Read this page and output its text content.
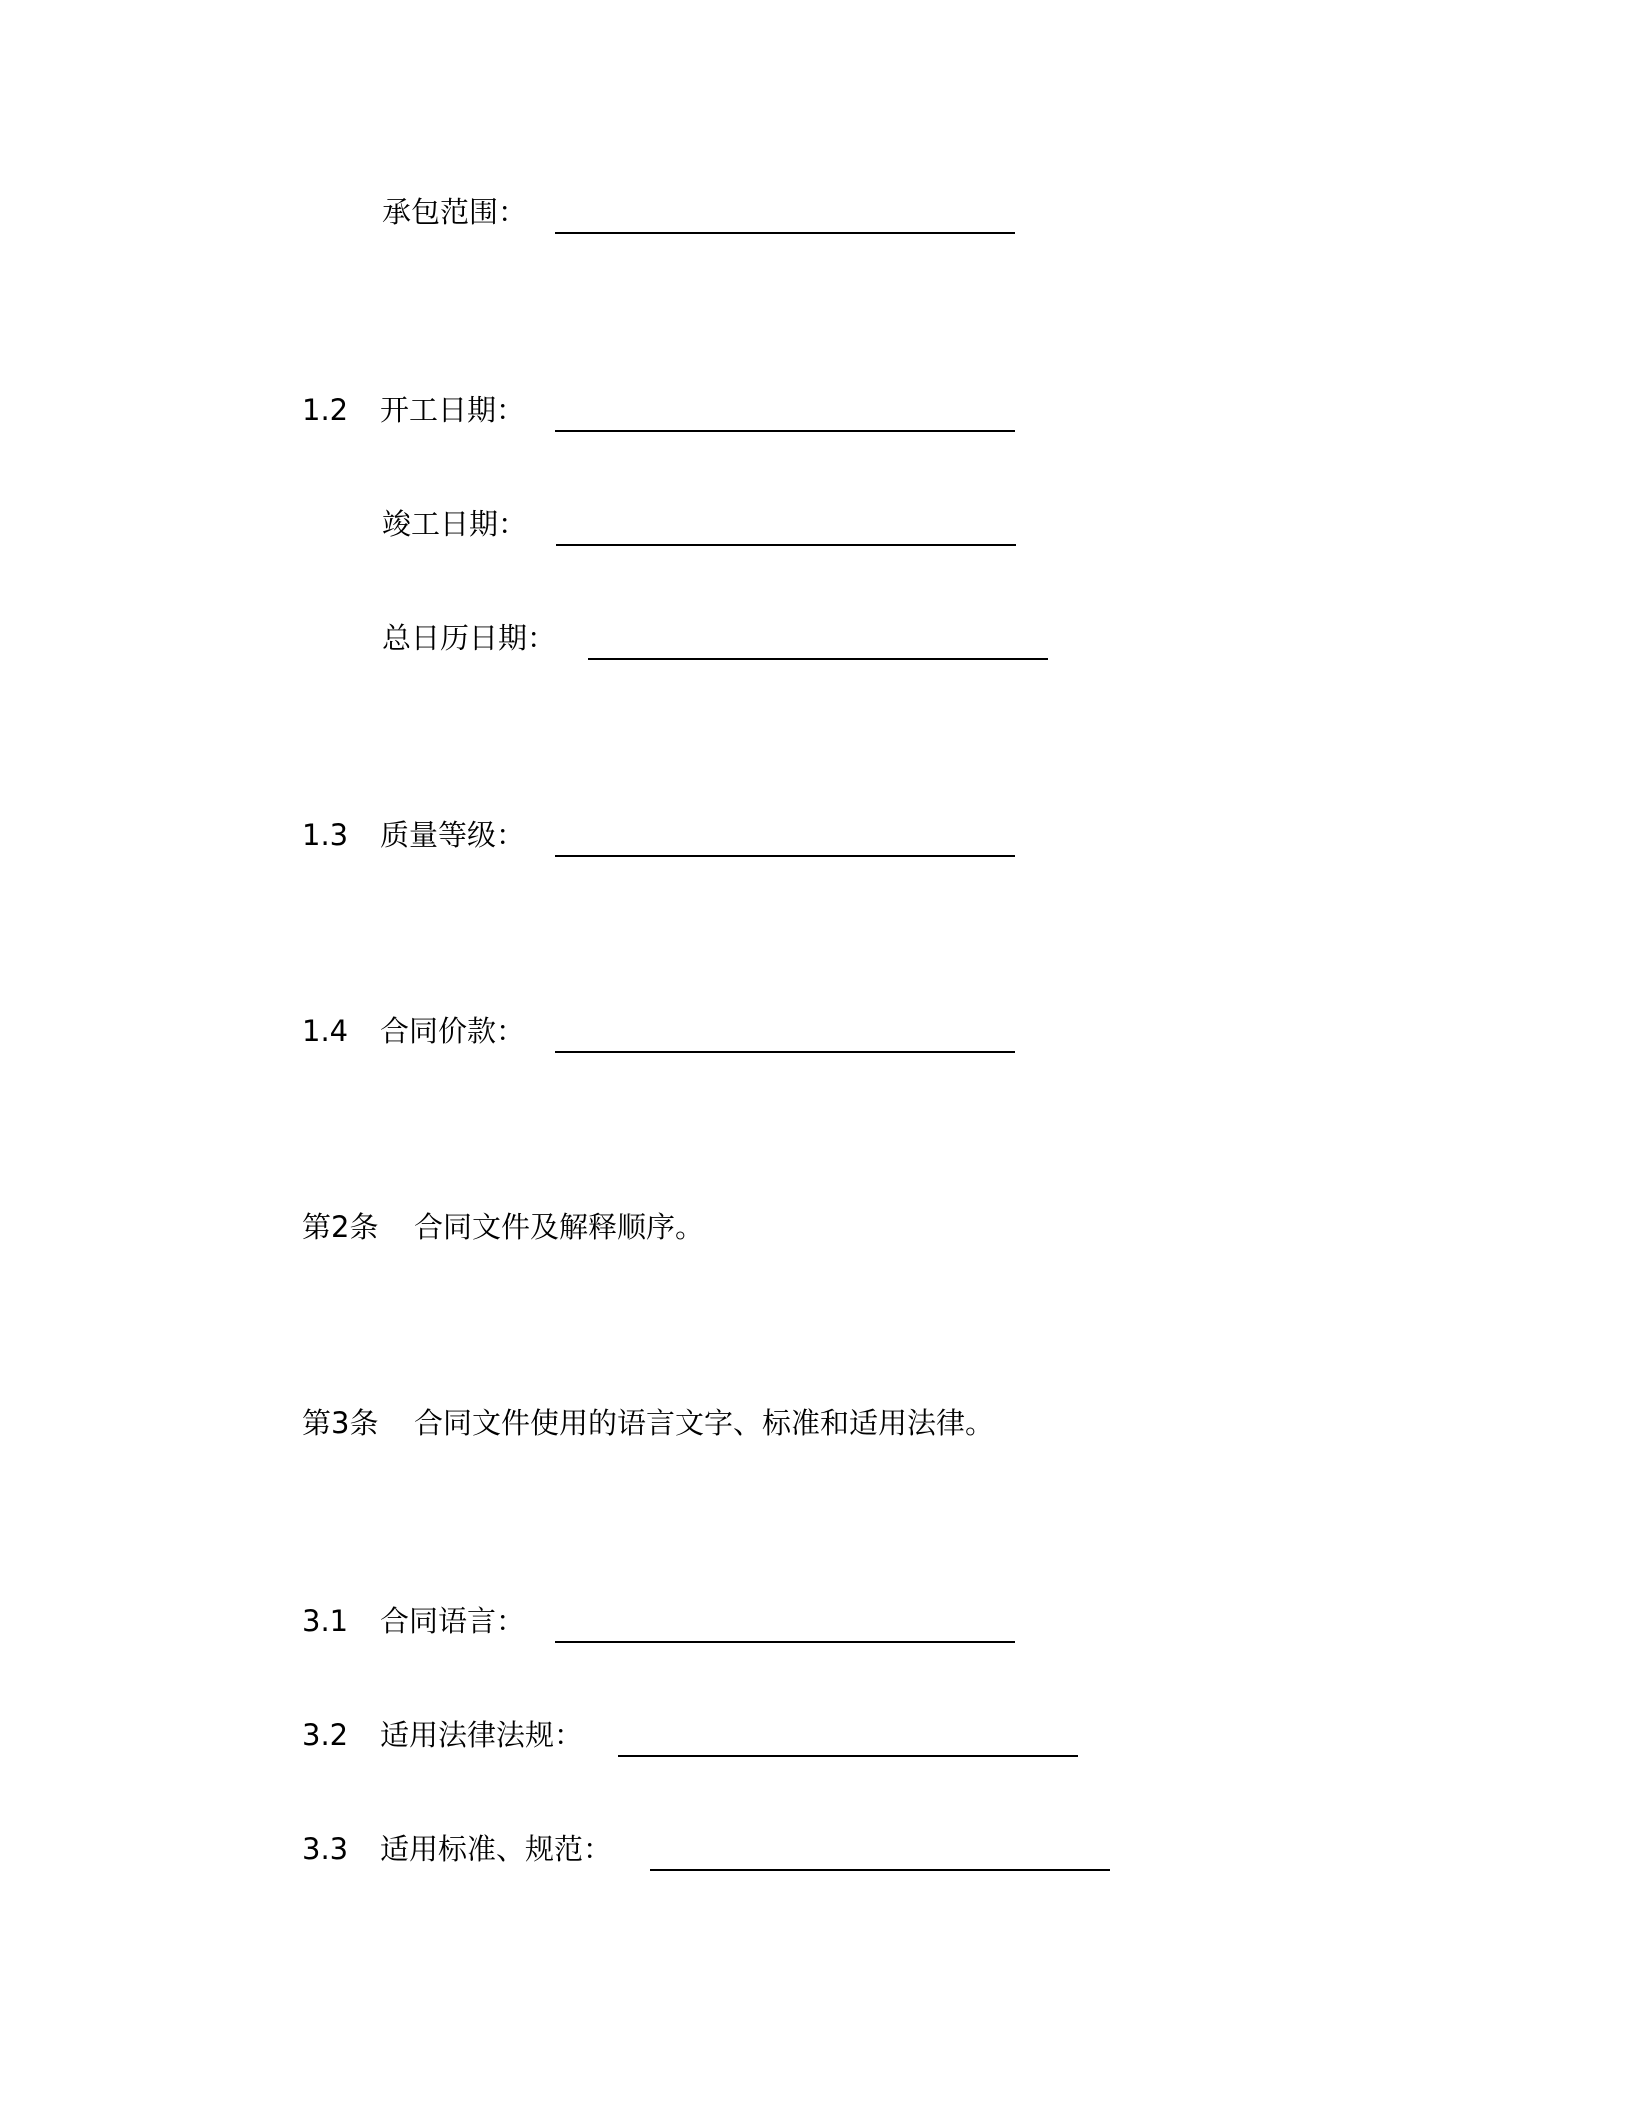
承包范围：
1.2 开工日期：
竣工日期：
总日历日期：
1.3 质量等级：
1.4 合同价款：
第2条 合同文件及解释顺序。
第3条 合同文件使用的语言文字、标准和适用法律。
3.1 合同语言：
3.2 适用法律法规：
3.3 适用标准、规范：
